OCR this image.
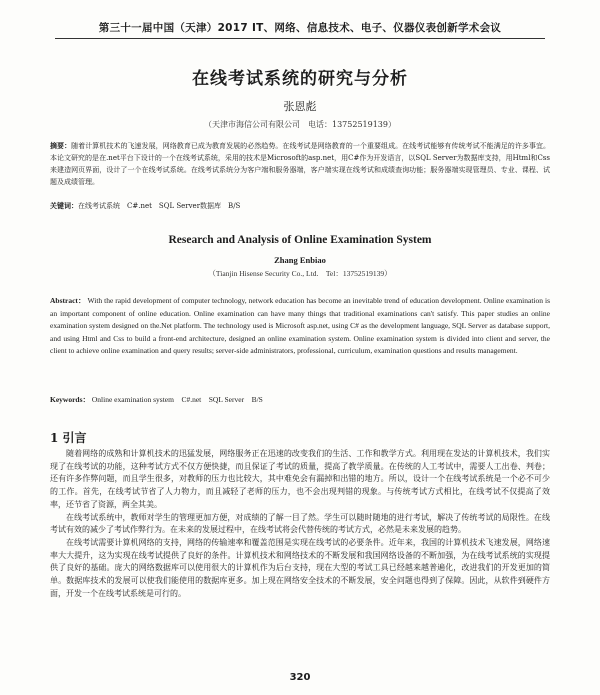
第三十一届中国（天津）2017 IT、网络、信息技术、电子、仪器仪表创新学术会议
在线考试系统的研究与分析
张恩彪
（天津市海信公司有限公司　电话：13752519139）
摘要：随着计算机技术的飞速发展，网络教育已成为教育发展的必然趋势。在线考试是网络教育的一个重要组成。在线考试能够有传统考试不能满足的许多事宜。本论文研究的是在.net平台下设计的一个在线考试系统，采用的技术是Microsoft的asp.net，用C#作为开发语言，以SQL Server为数据库支持，用Html和Css来建造网页界面，设计了一个在线考试系统。在线考试系统分为客户端和服务器端，客户端实现在线考试和成绩查询功能；服务器端实现管理员、专业、课程、试题及成绩管理。
关键词：在线考试系统　C#.net　SQL Server数据库　B/S
Research and Analysis of Online Examination System
Zhang Enbiao
（Tianjin Hisense Security Co., Ltd.　Tel：13752519139）
Abstract： With the rapid development of computer technology, network education has become an inevitable trend of education development. Online examination is an important component of online education. Online examination can have many things that traditional examinations can't satisfy. This paper studies an online examination system designed on the.Net platform. The technology used is Microsoft asp.net, using C# as the development language, SQL Server as database support, and using Html and Css to build a front-end architecture, designed an online examination system. Online examination system is divided into client and server, the client to achieve online examination and query results; server-side administrators, professional, curriculum, examination questions and results management.
Keywords： Online examination system　C#.net　SQL Server　B/S
1 引言

随着网络的成熟和计算机技术的迅猛发展，网络服务正在迅速的改变我们的生活、工作和教学方式。利用现在发达的计算机技术，我们实现了在线考试的功能，这种考试方式不仅方便快捷，而且保证了考试的质量，提高了教学质量。在传统的人工考试中，需要人工出卷、判卷；还有许多作弊问题，而且学生很多，对教师的压力也比较大，其中难免会有漏掉和出错的地方。所以，设计一个在线考试系统是一个必不可少的工作。首先，在线考试节省了人力物力，而且减轻了老师的压力，也不会出现判错的现象。与传统考试方式相比，在线考试不仅提高了效率，还节省了资源，两全其美。

在线考试系统中，教师对学生的管理更加方便，对成绩的了解一目了然。学生可以随时随地的进行考试，解决了传统考试的局限性。在线考试有效的减少了考试作弊行为。在未来的发展过程中，在线考试将会代替传统的考试方式，必然是未来发展的趋势。

在线考试需要计算机网络的支持，网络的传输速率和覆盖范围是实现在线考试的必要条件。近年来，我国的计算机技术飞速发展，网络速率大大提升，这为实现在线考试提供了良好的条件。计算机技术和网络技术的不断发展和我国网络设备的不断加强，为在线考试系统的实现提供了良好的基础。庞大的网络数据库可以使用很大的计算机作为后台支持，现在大型的考试工具已经越来越普遍化，改进我们的开发更加的简单。数据库技术的发展可以使我们能使用的数据库更多。加上现在网络安全技术的不断发展，安全问题也得到了保障。因此，从软件到硬件方面，开发一个在线考试系统是可行的。

320
